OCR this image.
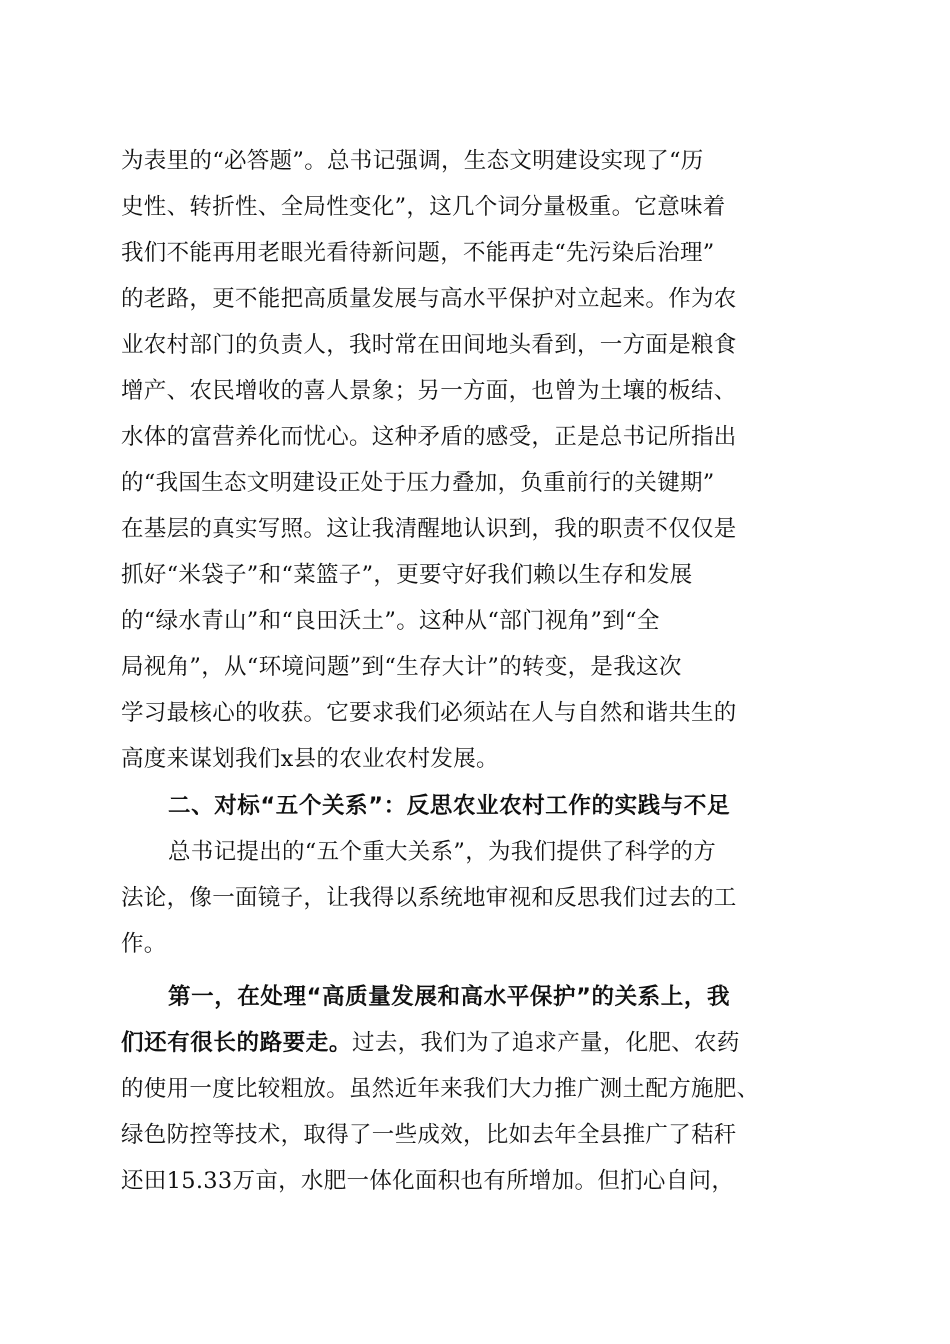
为表里的“必答题”。总书记强调，生态文明建设实现了“历
史性、转折性、全局性变化”，这几个词分量极重。它意味着
我们不能再用老眼光看待新问题，不能再走“先污染后治理”
的老路，更不能把高质量发展与高水平保护对立起来。作为农
业农村部门的负责人，我时常在田间地头看到，一方面是粮食
增产、农民增收的喜人景象；另一方面，也曾为土壤的板结、
水体的富营养化而忧心。这种矛盾的感受，正是总书记所指出
的“我国生态文明建设正处于压力叠加，负重前行的关键期”
在基层的真实写照。这让我清醒地认识到，我的职责不仅仅是
抓好“米袋子”和“菜篮子”，更要守好我们赖以生存和发展
的“绿水青山”和“良田沃土”。这种从“部门视角”到“全
局视角”，从“环境问题”到“生存大计”的转变，是我这次
学习最核心的收获。它要求我们必须站在人与自然和谐共生的
高度来谋划我们x县的农业农村发展。
二、对标“五个关系”：反思农业农村工作的实践与不足
总书记提出的“五个重大关系”，为我们提供了科学的方
法论，像一面镜子，让我得以系统地审视和反思我们过去的工
作。
第一，在处理“高质量发展和高水平保护”的关系上，我
们还有很长的路要走。过去，我们为了追求产量，化肥、农药
的使用一度比较粗放。虽然近年来我们大力推广测土配方施肥、
绿色防控等技术，取得了一些成效，比如去年全县推广了秸秆
还田15.33万亩，水肥一体化面积也有所增加。但扪心自问，
